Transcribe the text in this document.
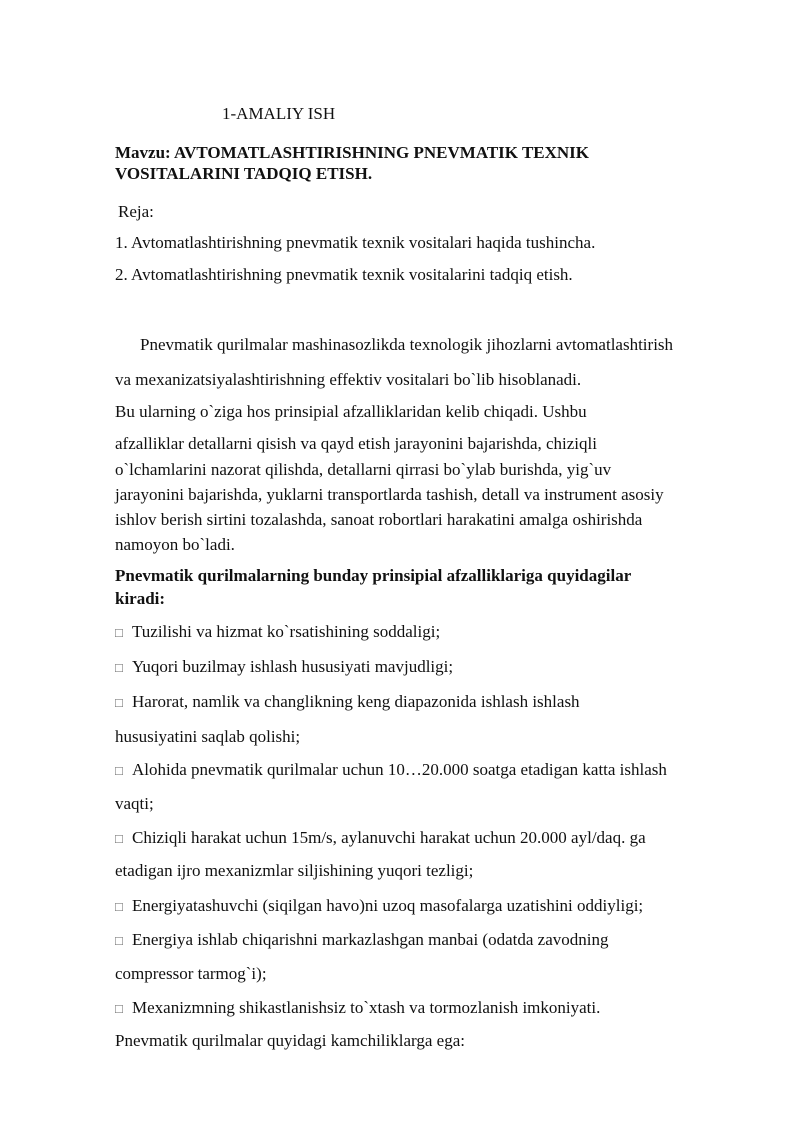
1-AMALIY ISH
Mavzu: AVTOMATLASHTIRISHNING PNEVMATIK TEXNIK
VOSITALARINI TADQIQ ETISH.
Reja:
1. Avtomatlashtirishning pnevmatik texnik vositalari haqida tushincha.
2. Avtomatlashtirishning pnevmatik texnik vositalarini tadqiq etish.
Pnevmatik qurilmalar mashinasozlikda texnologik jihozlarni avtomatlashtirish
va mexanizatsiyalashtirishning effektiv vositalari bo`lib hisoblanadi.
Bu ularning o`ziga hos prinsipial afzalliklaridan kelib chiqadi. Ushbu
afzalliklar detallarni qisish va qayd etish jarayonini bajarishda, chiziqli
o`lchamlarini nazorat qilishda, detallarni qirrasi bo`ylab burishda, yig`uv
jarayonini bajarishda, yuklarni transportlarda tashish, detall va instrument asosiy
ishlov berish sirtini tozalashda, sanoat robortlari harakatini amalga oshirishda
namoyon bo`ladi.
Pnevmatik qurilmalarning bunday prinsipial afzalliklariga quyidagilar
kiradi:
□ Tuzilishi va hizmat ko`rsatishining soddaligi;
□ Yuqori buzilmay ishlash hususiyati mavjudligi;
□ Harorat, namlik va changlikning keng diapazonida ishlash ishlash
hususiyatini saqlab qolishi;
□ Alohida pnevmatik qurilmalar uchun 10…20.000 soatga etadigan katta ishlash
vaqti;
□ Chiziqli harakat uchun 15m/s, aylanuvchi harakat uchun 20.000 ayl/daq. ga
etadigan ijro mexanizmlar siljishining yuqori tezligi;
□ Energiyatashuvchi (siqilgan havo)ni uzoq masofalarga uzatishini oddiyligi;
□ Energiya ishlab chiqarishni markazlashgan manbai (odatda zavodning
compressor tarmog`i);
□ Mexanizmning shikastlanishsiz to`xtash va tormozlanish imkoniyati.
Pnevmatik qurilmalar quyidagi kamchiliklarga ega:
